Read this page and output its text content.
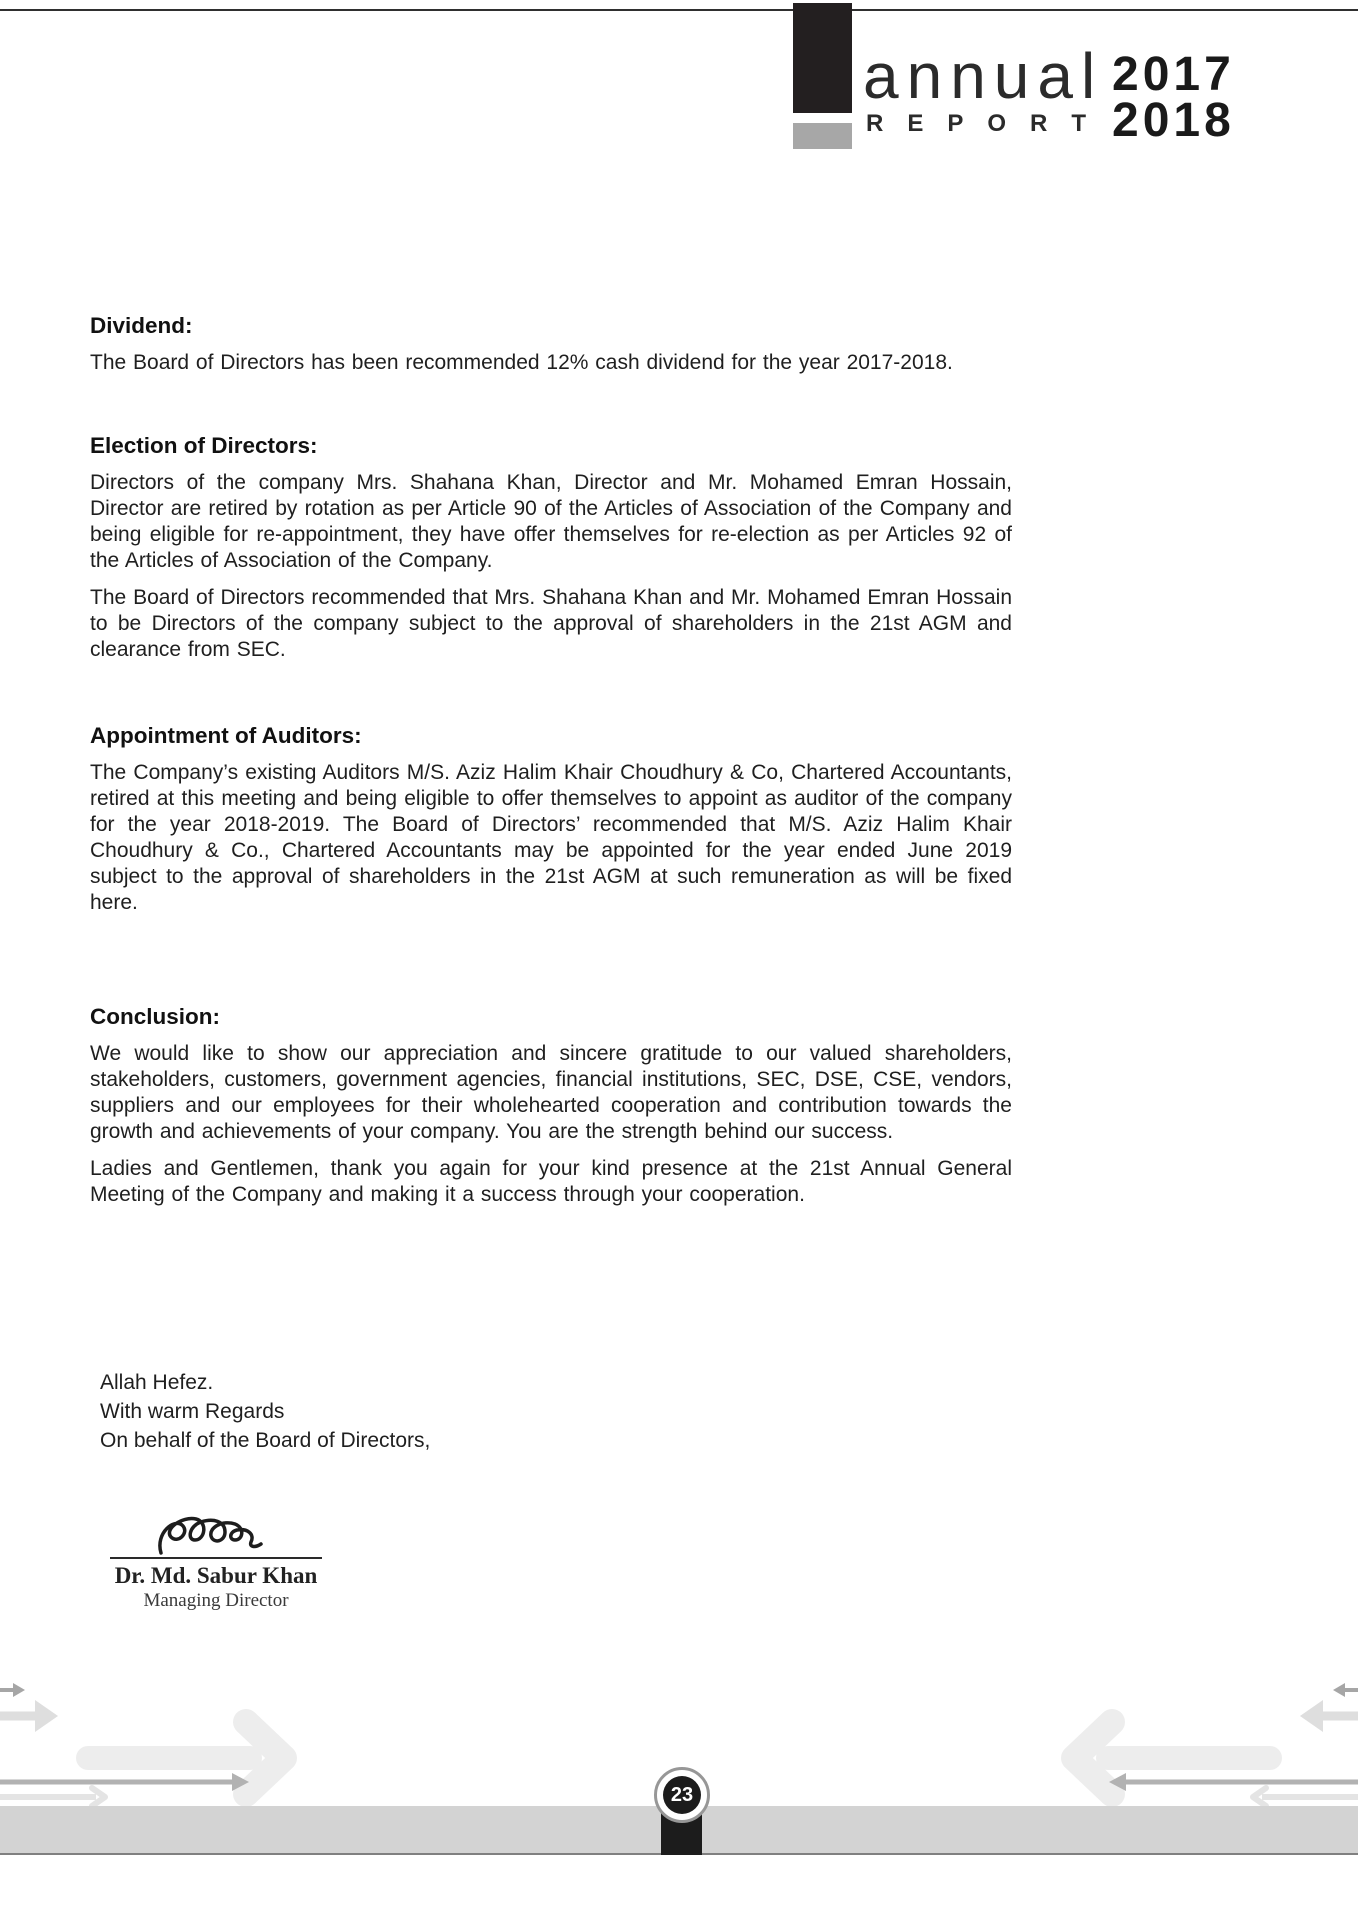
annual
REPORT
2017
2018
Dividend:

The Board of Directors has been recommended 12% cash dividend for the year 2017-2018.

Election of Directors:

Directors of the company Mrs. Shahana Khan, Director and Mr. Mohamed Emran Hossain, Director are retired by rotation as per Article 90 of the Articles of Association of the Company and being eligible for re-appointment, they have offer themselves for re-election as per Articles 92 of the Articles of Association of the Company.

The Board of Directors recommended that Mrs. Shahana Khan and Mr. Mohamed Emran Hossain to be Directors of the company subject to the approval of shareholders in the 21st AGM and clearance from SEC.

Appointment of Auditors:

The Company’s existing Auditors M/S. Aziz Halim Khair Choudhury & Co, Chartered Accountants, retired at this meeting and being eligible to offer themselves to appoint as auditor of the company for the year 2018-2019. The Board of Directors’ recommended that M/S. Aziz Halim Khair Choudhury & Co., Chartered Accountants may be appointed for the year ended June 2019 subject to the approval of shareholders in the 21st AGM at such remuneration as will be fixed here.

Conclusion:

We would like to show our appreciation and sincere gratitude to our valued shareholders, stakeholders, customers, government agencies, financial institutions, SEC, DSE, CSE, vendors, suppliers and our employees for their wholehearted cooperation and contribution towards the growth and achievements of your company. You are the strength behind our success.

Ladies and Gentlemen, thank you again for your kind presence at the 21st Annual General Meeting of the Company and making it a success through your cooperation.

Allah Hefez.
With warm Regards
On behalf of the Board of Directors,
Dr. Md. Sabur Khan
Managing Director
23
